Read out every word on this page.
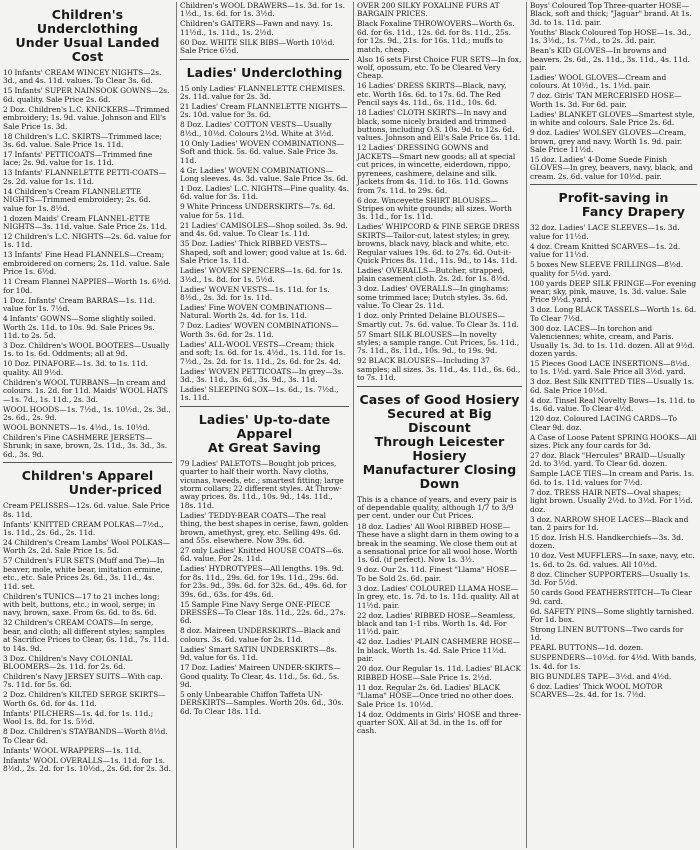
Children's Underclothing
Under Usual Landed Cost
10 Infants' CREAM WINCEY NIGHTS—2s. 3d., and 4s. 11d. values. To Clear 3s. 6d.
15 Infants' SUPER NAINSOOK GOWNS—2s. 6d. quality. Sale Price 2s. 6d.
2 Doz. Children's L.C. KNICKERS—Trimmed embroidery; 1s. 9d. value. Johnson and Ell's Sale Price 1s. 3d.
18 Children's L.C. SKIRTS—Trimmed lace; 3s. 6d. value. Sale Price 1s. 11d.
17 Infants' PETTICOATS—Trimmed fine lace; 2s. 9d. value for 1s. 11d.
13 Infants' FLANNELETTE PETTI-COATS—2s. 2d. value for 1s. 11d.
14 Children's Cream FLANNELETTE NIGHTS—Trimmed embroidery; 2s. 6d. value for 1s. 8½d.
1 dozen Maids' Cream FLANNEL-ETTE NIGHTS—3s. 11d. value. Sale Price 2s. 11d.
12 Children's L.C. NIGHTS—2s. 6d. value for 1s. 11d.
13 Infants' Fine Head FLANNELS—Cream; embroidered on corners; 2s. 11d. value. Sale Price 1s. 6½d.
11 Cream Flannel NAPPIES—Worth 1s. 6½d. for 10d.
1 Doz. Infants' Cream BARRAS—1s. 11d. value for 1s. 7½d.
4 Infants' GOWNS—Some slightly soiled. Worth 2s. 11d. to 10s. 9d. Sale Prices 9s. 11d. to 2s. 5d.
3 Doz. Children's WOOL BOOTEES—Usually 1s. to 1s. 6d. Oddments; all at 9d.
10 Doz. PINAFORE—1s. 3d. to 1s. 11d. quality. All 9½d.
Children's WOOL TURBANS—In cream and colours. 1s. 2d. for 11d. Maids' WOOL HATS—1s. 7d., 1s. 11d., 2s. 3d.
WOOL HOODS—1s. 7½d., 1s. 10½d., 2s. 3d., 2s. 6d., 2s. 9d.
WOOL BONNETS—1s. 4½d., 1s. 10½d.
Children's Fine CASHMERE JERSETS—Shrunk; in saxe, brown, 2s. 11d., 3s. 3d., 3s. 6d., 3s. 9d.
Children's Apparel
Under-priced
Cream PELISSES—12s. 6d. value. Sale Price 8s. 11d.
Infants' KNITTED CREAM POLKAS—7½d., 1s. 11d., 2s. 6d., 2s. 11d.
24 Children's Cream Lambs' Wool POLKAS—Worth 2s. 2d. Sale Price 1s. 5d.
57 Children's FUR SETS (Muff and Tie)—In beaver, mole, white bear, imitation ermine, etc., etc. Sale Prices 2s. 6d., 3s. 11d., 4s. 11d. set.
Children's TUNICS—17 to 21 inches long; with belt, buttons, etc.; in wool, serge; in navy, brown, saxe. From 6s. 6d. to 8s. 6d.
32 Children's CREAM COATS—In serge, bear, and cloth; all different styles; samples at Sacrifice Prices to Clear, 6s. 11d., 7s. 11d. to 14s. 9d.
3 Doz. Children's Navy COLONIAL BLOOMERS—2s. 11d. for 2s. 6d.
Children's Navy JERSEY SUITS—With cap. 7s. 11d. for 5s. 6d.
2 Doz. Children's KILTED SERGE SKIRTS—Worth 6s. 6d. for 4s. 11d.
Infants' PILCHERS—1s. 4d. for 1s. 11d.; Wool 1s. 8d. for 1s. 5½d.
8 Doz. Children's STAYBANDS—Worth 8½d. To Clear 6d.
Infants' WOOL WRAPPERS—1s. 11d.
Infants' WOOL OVERALLS—1s. 11d. for 1s. 8½d., 2s. 2d. for 1s. 10½d., 2s. 6d. for 2s. 3d.
Children's WOOL DRAWERS—1s. 3d. for 1s. 1½d., 1s. 6d. for 1s. 3½d.
Children's GAITERS—Fawn and navy. 1s. 11½d., 1s. 11d., 1s. 2½d.
60 Doz. WHITE SILK BIBS—Worth 10½d. Sale Price 6½d.
Ladies' Underclothing
15 only Ladies' FLANNELETTE CHEMISES. 2s. 11d. value for 2s. 3d.
21 Ladies' Cream FLANNELETTE NIGHTS—2s. 10d. value for 3s. 6d.
8 Doz. Ladies' COTTON VESTS—Usually 8½d., 10½d. Colours 2½d. White at 3½d.
10 Only Ladies' WOVEN COMBINATIONS—Soft and thick. 5s. 6d. value. Sale Price 3s. 11d.
4 Gr. Ladies' WOVEN COMBINATIONS—Long sleeves. 4s. 3d. value. Sale Price 3s. 6d.
1 Doz. Ladies' L.C. NIGHTS—Fine quality. 4s. 6d. value for 3s. 11d.
9 White Princess UNDERSKIRTS—7s. 6d. value for 5s. 11d.
21 Ladies' CAMISOLES—Shop soiled. 3s. 9d. and 4s. 6d. value. To Clear 1s. 11d.
35 Doz. Ladies' Thick RIBBED VESTS—Shaped, soft and lower; good value at 1s. 6d. Sale Price 1s. 11d.
Ladies' WOVEN SPENCERS—1s. 6d. for 1s. 3½d., 1s. 8d. for 1s. 5½d.
Ladies' WOVEN VESTS—1s. 11d. for 1s. 8½d., 2s. 3d. for 1s. 11d.
Ladies' Fine WOVEN COMBINATIONS—Natural. Worth 2s. 4d. for 1s. 11d.
7 Doz. Ladies' WOVEN COMBINATIONS—Worth 3s. 6d. for 2s. 11d.
Ladies' ALL-WOOL VESTS—Cream; thick and soft; 1s. 6d. for 1s. 4½d., 1s. 11d. for 1s. 7½d., 2s. 2d. for 1s. 11d., 2s. 6d. for 2s. 4d.
Ladies' WOVEN PETTICOATS—In grey—3s. 3d., 3s. 11d., 3s. 6d., 3s. 9d., 3s. 11d.
Ladies' SLEEPING SOX—1s. 6d., 1s. 7½d., 1s. 11d.
Ladies' Up-to-date Apparel
At Great Saving
79 Ladies' PALETOTS—Bought job prices, quarter to half their worth. Navy cloths, vicunas, tweeds, etc.; smartest fitting; large storm collars; 22 different styles. At Throw-away prices. 8s. 11d., 10s. 9d., 14s. 11d., 18s. 11d.
Ladies' TEDDY-BEAR COATS—The real thing, the best shapes in cerise, fawn, golden brown, amethyst, grey, etc. Selling 49s. 6d. and 55s. elsewhere. Now 39s. 6d.
27 only Ladies' Knitted HOUSE COATS—6s. 6d. value. For 2s. 11d.
Ladies' HYDROTYPES—All lengths. 19s. 9d. for 8s. 11d., 29s. 6d. for 19s. 11d., 29s. 6d. for 23s. 9d., 39s. 6d. for 32s. 6d., 49s. 6d. for 39s. 6d., 63s. for 49s. 6d.
15 Sample Fine Navy Serge ONE-PIECE DRESSES—To Clear 18s. 11d., 22s. 6d., 27s. 6d.
8 doz. Maireen UNDERSKIRTS—Black and colours. 3s. 6d. value for 2s. 11d.
Ladies' Smart SATIN UNDERSKIRTS—8s. 9d. value for 6s. 11d.
17 Doz. Ladies' Maireen UNDER-SKIRTS—Good quality. To Clear, 4s. 11d., 5s. 6d., 5s. 9d.
5 only Unbearable Chiffon Taffeta UN-DERSKIRTS—Samples. Worth 20s. 6d., 30s. 6d. To Clear 18s. 11d.
OVER 200 SILKY FOXALINE FURS AT BARGAIN PRICES.
Black Foxaline THROWOVERS—Worth 6s. 6d. for 6s. 11d., 12s. 6d. for 8s. 11d., 25s. for 12s. 9d., 21s. for 16s. 11d.; muffs to match, cheap.
Also 16 sets First Choice FUR SETS—In fox, wolf, opossum, etc. To be Cleared Very Cheap.
16 Ladies' DRESS SKIRTS—Black, navy, etc. Worth 16s. 6d. to 17s. 6d. The Red Pencil says 4s. 11d., 6s. 11d., 10s. 6d.
18 Ladies' CLOTH SKIRTS—In navy and black, some nicely braided and trimmed buttons, including O.S. 10s. 9d. to 12s. 6d. values. Johnson and Ell's Sale Price 6s. 11d.
12 Ladies' DRESSING GOWNS and JACKETS—Smart new goods; all at special cut prices, in wincette, eiderdown, rippo, pyrenees, cashmere, delaine and silk. Jackets from 4s. 11d. to 16s. 11d. Gowns from 7s. 11d. to 29s. 6d.
6 doz. Winceyette SHIRT BLOUSES—Stripes on white grounds; all sizes. Worth 3s. 11d., for 1s. 11d.
Ladies' WHIPCORD & FINE SERGE DRESS SKIRTS—Tailor-cut, latest styles; in grey, browns, black navy, black and white, etc. Regular values 19s. 6d. to 27s. 6d. Out-it-Quick Prices 8s. 11d., 11s. 9d., to 14s. 11d.
Ladies' OVERALLS—Butcher, strapped, plain casement cloth. 2s. 2d. for 1s. 8½d.
3 doz. Ladies' OVERALLS—In ginghams; some trimmed lace; Dutch styles. 3s. 6d. value. To Clear 2s. 11d.
1 doz. only Printed Delaine BLOUSES—Smartly cut. 7s. 6d. value. To Clear 3s. 11d.
57 Smart SILK BLOUSES—In novelty styles; a sample range. Cut Prices, 5s. 11d., 7s. 11d., 8s. 11d., 10s. 9d., to 19s. 9d.
92 BLACK BLOUSES—Including 37 samples; all sizes. 3s. 11d., 4s. 11d., 6s. 6d., to 7s. 11d.
Cases of Good Hosiery
Secured at Big Discount
Through Leicester Hosiery
Manufacturer Closing Down

This is a chance of years, and every pair is of dependable quality, although 1/7 to 3/9 per cent. under our Cut Prices.

18 doz. Ladies' All Wool RIBBED HOSE—These have a slight darn in them owing to a break in the seaming. We close them out at a sensational price for all wool hose. Worth 1s. 6d. (if perfect). Now 1s. 3½.
9 doz. Our 2s. 11d. Finest "Llama" HOSE—To be Sold 2s. 6d. pair.
3 doz. Ladies' COLOURED LLAMA HOSE—In grey, etc. 1s. 7d. to 1s. 11d. quality. All at 11½d. pair.
22 doz. Ladies' RIBBED HOSE—Seamless, black and tan 1-1 ribs. Worth 1s. 4d. For 11½d. pair.
42 doz. Ladies' PLAIN CASHMERE HOSE—In black. Worth 1s. 4d. Sale Price 11½d. pair.
20 doz. Our Regular 1s. 11d. Ladies' BLACK RIBBED HOSE—Sale Price 1s. 2½d.
11 doz. Regular 2s. 6d. Ladies' BLACK "Llama" HOSE—Once tried no other does. Sale Price 1s. 10½d.
14 doz. Oddments in Girls' HOSE and three-quarter SOX. All at 3d. in the 1s. off for cash.
Boys' Coloured Top Three-quarter HOSE—Black, soft and thick; "Jaguar" brand. At 1s. 3d. to 1s. 11d. pair.
Youths' Black Coloured Top HOSE—1s. 3d., 1s. 3½d., 1s. 7½d., to 2s. 3d. pair.
Bean's KID GLOVES—In browns and beavers. 2s. 6d., 2s. 11d., 3s. 11d., 4s. 11d. pair.
Ladies' WOOL GLOVES—Cream and colours. At 10½d., 1s. 1½d. pair.
7 doz. Girls' TAN MERCERISED HOSE—Worth 1s. 3d. For 6d. pair.
Ladies' BLANKET GLOVES—Smartest style, in white and colours. Sale Price 2s. 6d.
9 doz. Ladies' WOLSEY GLOVES—Cream, brown, grey and navy. Worth 1s. 9d. pair. Sale Price 11½d.
15 doz. Ladies' 4-Dome Suede Finish GLOVES—In grey, beavers, navy, black, and cream. 2s. 6d. value for 10½d. pair.
Profit-saving in
Fancy Drapery
32 doz. Ladies' LACE SLEEVES—1s. 3d. value for 11½d.
4 doz. Cream Knitted SCARVES—1s. 2d. value for 11½d.
5 boxes New SLEEVE FRILLINGS—8½d. quality for 5½d. yard.
100 yards DEEP SILK FRINGE—For evening wear; sky, pink, mauve, 1s. 3d. value. Sale Price 9½d. yard.
3 doz. Long BLACK TASSELS—Worth 1s. 6d. To Clear 7½d.
300 doz. LACES—In torchon and Valenciennes; white, cream, and Paris. Usually 1s. 3d. to 1s. 11d. dozen. All at 9½d. dozen yards.
15 Pieces Good LACE INSERTIONS—8½d. to 1s. 1½d. yard. Sale Price all 3½d. yard.
3 doz. Best Silk KNITTED TIES—Usually 1s. 6d. Sale Price 10½d.
4 doz. Tinsel Real Novelty Bows—1s. 11d. to 1s. 6d. value. To Clear 4½d.
120 doz. Coloured LACING CARDS—To Clear 9d. doz.
A Case of Loose Patent SPRING HOOKS—All sizes. Pick any four cards for 3d.
27 doz. Black "Hercules" BRAID—Usually 2d. to 3½d. yard. To Clear 6d. dozen.
Sample LACE TIES—In cream and Paris. 1s. 6d. to 1s. 11d. values for 7½d.
7 doz. TRESS HAIR NETS—Oval shapes; light brown. Usually 2½d. to 3½d. For 1½d. doz.
3 doz. NARROW SHOE LACES—Black and tan. 2 pairs for 1d.
15 doz. Irish H.S. Handkerchiefs—3s. 3d. dozen.
10 doz. Vest MUFFLERS—In saxe, navy, etc. 1s. 6d. to 2s. 6d. values. All 10½d.
8 doz. Clincher SUPPORTERS—Usually 1s. 3d. For 5½d.
50 cards Good FEATHERSTITCH—To Clear 9d. card.
6d. SAFETY PINS—Some slightly tarnished. For 1d. box.
Strong LINEN BUTTONS—Two cards for 1d.
PEARL BUTTONS—1d. dozen.
SUSPENDERS—10½d. for 4½d. With bands, 1s. 4d. for 1s.
BIG BUNDLES TAPE—3½d. and 4½d.
6 doz. Ladies' Thick WOOL MOTOR SCARVES—2s. 4d. for 1s. 7½d.
